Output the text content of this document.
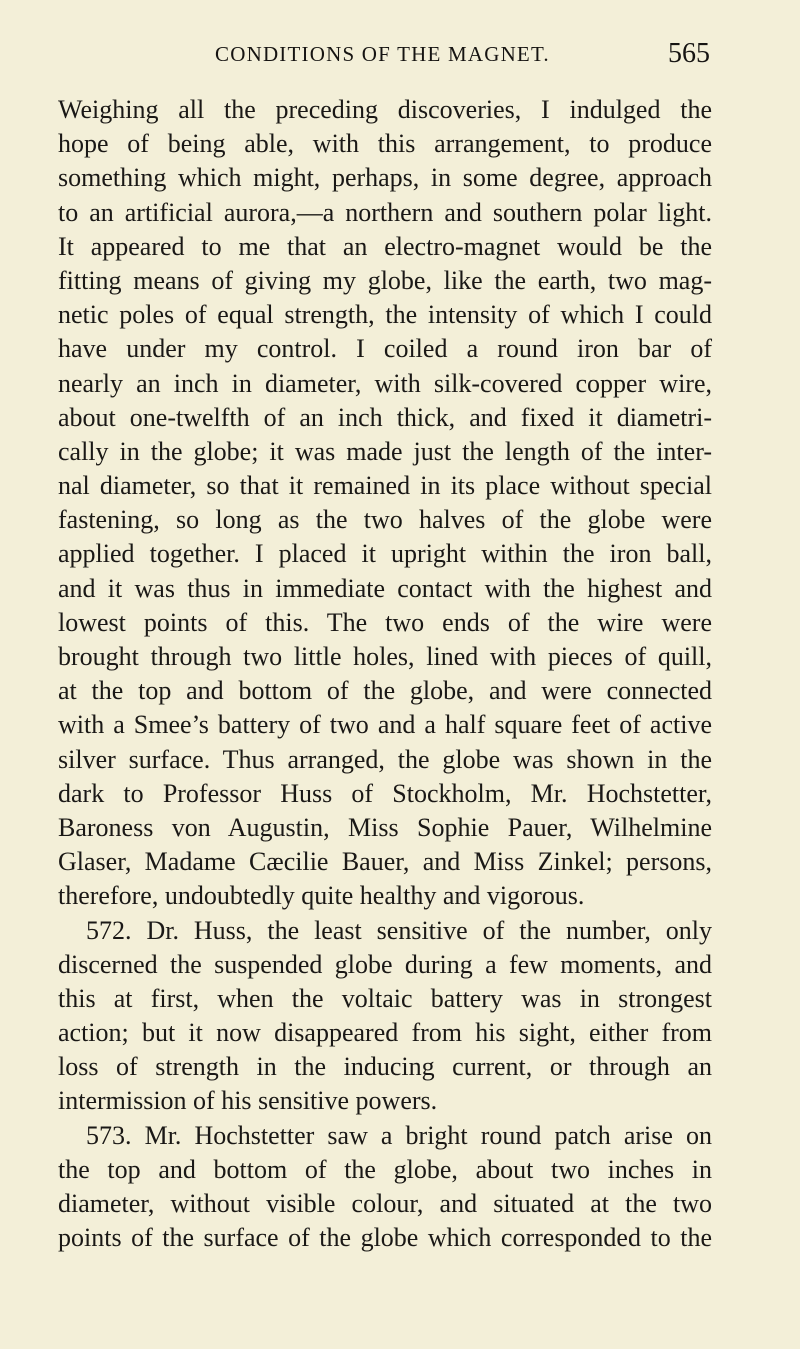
CONDITIONS OF THE MAGNET.	565
Weighing all the preceding discoveries, I indulged the
hope of being able, with this arrangement, to produce
something which might, perhaps, in some degree, approach
to an artificial aurora,—a northern and southern polar light.
It appeared to me that an electro-magnet would be the
fitting means of giving my globe, like the earth, two mag-
netic poles of equal strength, the intensity of which I could
have under my control. I coiled a round iron bar of
nearly an inch in diameter, with silk-covered copper wire,
about one-twelfth of an inch thick, and fixed it diametri-
cally in the globe; it was made just the length of the inter-
nal diameter, so that it remained in its place without special
fastening, so long as the two halves of the globe were
applied together. I placed it upright within the iron ball,
and it was thus in immediate contact with the highest and
lowest points of this. The two ends of the wire were
brought through two little holes, lined with pieces of quill,
at the top and bottom of the globe, and were connected
with a Smee’s battery of two and a half square feet of active
silver surface. Thus arranged, the globe was shown in the
dark to Professor Huss of Stockholm, Mr. Hochstetter,
Baroness von Augustin, Miss Sophie Pauer, Wilhelmine
Glaser, Madame Cæcilie Bauer, and Miss Zinkel; persons,
therefore, undoubtedly quite healthy and vigorous.
572. Dr. Huss, the least sensitive of the number, only
discerned the suspended globe during a few moments, and
this at first, when the voltaic battery was in strongest
action; but it now disappeared from his sight, either from
loss of strength in the inducing current, or through an
intermission of his sensitive powers.
573. Mr. Hochstetter saw a bright round patch arise on
the top and bottom of the globe, about two inches in
diameter, without visible colour, and situated at the two
points of the surface of the globe which corresponded to the
